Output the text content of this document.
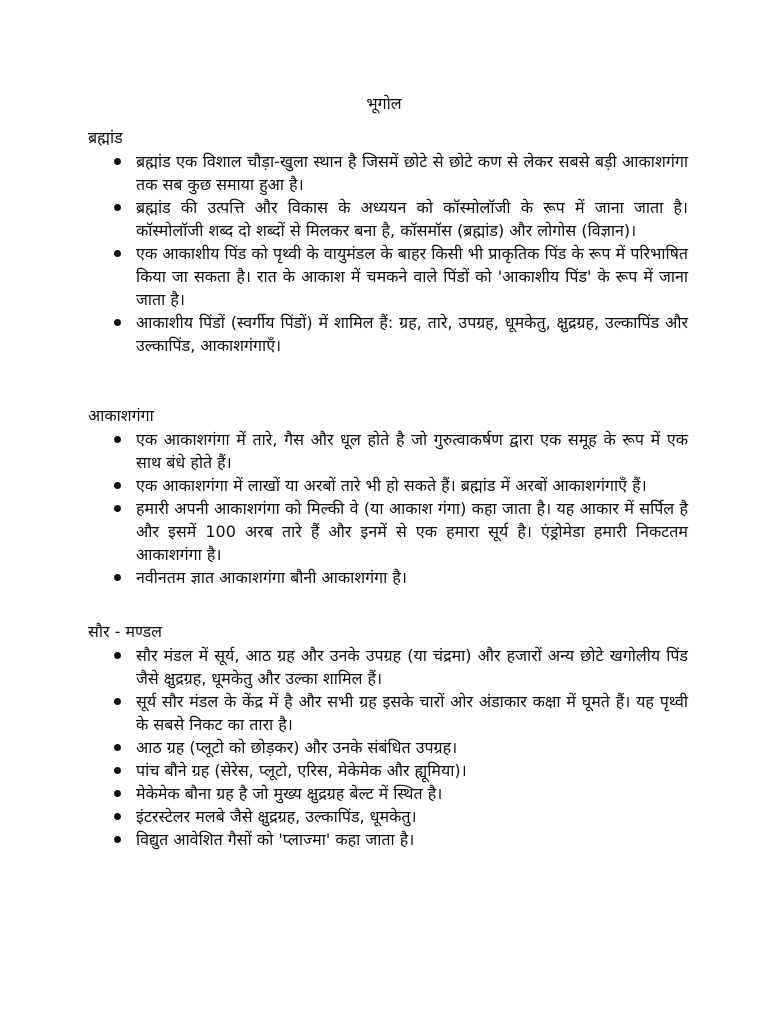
भूगोल
ब्रह्मांड
ब्रह्मांड एक विशाल चौड़ा-खुला स्थान है जिसमें छोटे से छोटे कण से लेकर सबसे बड़ी आकाशगंगा तक सब कुछ समाया हुआ है।
ब्रह्मांड की उत्पत्ति और विकास के अध्ययन को कॉस्मोलॉजी के रूप में जाना जाता है। कॉस्मोलॉजी शब्द दो शब्दों से मिलकर बना है, कॉसमॉस (ब्रह्मांड) और लोगोस (विज्ञान)।
एक आकाशीय पिंड को पृथ्वी के वायुमंडल के बाहर किसी भी प्राकृतिक पिंड के रूप में परिभाषित किया जा सकता है। रात के आकाश में चमकने वाले पिंडों को 'आकाशीय पिंड' के रूप में जाना जाता है।
आकाशीय पिंडों (स्वर्गीय पिंडों) में शामिल हैं: ग्रह, तारे, उपग्रह, धूमकेतु, क्षुद्रग्रह, उल्कापिंड और उल्कापिंड, आकाशगंगाएँ।
आकाशगंगा
एक आकाशगंगा में तारे, गैस और धूल होते है जो गुरुत्वाकर्षण द्वारा एक समूह के रूप में एक साथ बंधे होते हैं।
एक आकाशगंगा में लाखों या अरबों तारे भी हो सकते हैं। ब्रह्मांड में अरबों आकाशगंगाएँ हैं।
हमारी अपनी आकाशगंगा को मिल्की वे (या आकाश गंगा) कहा जाता है। यह आकार में सर्पिल है और इसमें 100 अरब तारे हैं और इनमें से एक हमारा सूर्य है। एंड्रोमेडा हमारी निकटतम आकाशगंगा है।
नवीनतम ज्ञात आकाशगंगा बौनी आकाशगंगा है।
सौर - मण्डल
सौर मंडल में सूर्य, आठ ग्रह और उनके उपग्रह (या चंद्रमा) और हजारों अन्य छोटे खगोलीय पिंड जैसे क्षुद्रग्रह, धूमकेतु और उल्का शामिल हैं।
सूर्य सौर मंडल के केंद्र में है और सभी ग्रह इसके चारों ओर अंडाकार कक्षा में घूमते हैं। यह पृथ्वी के सबसे निकट का तारा है।
आठ ग्रह (प्लूटो को छोड़कर) और उनके संबंधित उपग्रह।
पांच बौने ग्रह (सेरेस, प्लूटो, एरिस, मेकेमेक और ह्यूमिया)।
मेकेमेक बौना ग्रह है जो मुख्य क्षुद्रग्रह बेल्ट में स्थित है।
इंटरस्टेलर मलबे जैसे क्षुद्रग्रह, उल्कापिंड, धूमकेतु।
विद्युत आवेशित गैसों को 'प्लाज्मा' कहा जाता है।
